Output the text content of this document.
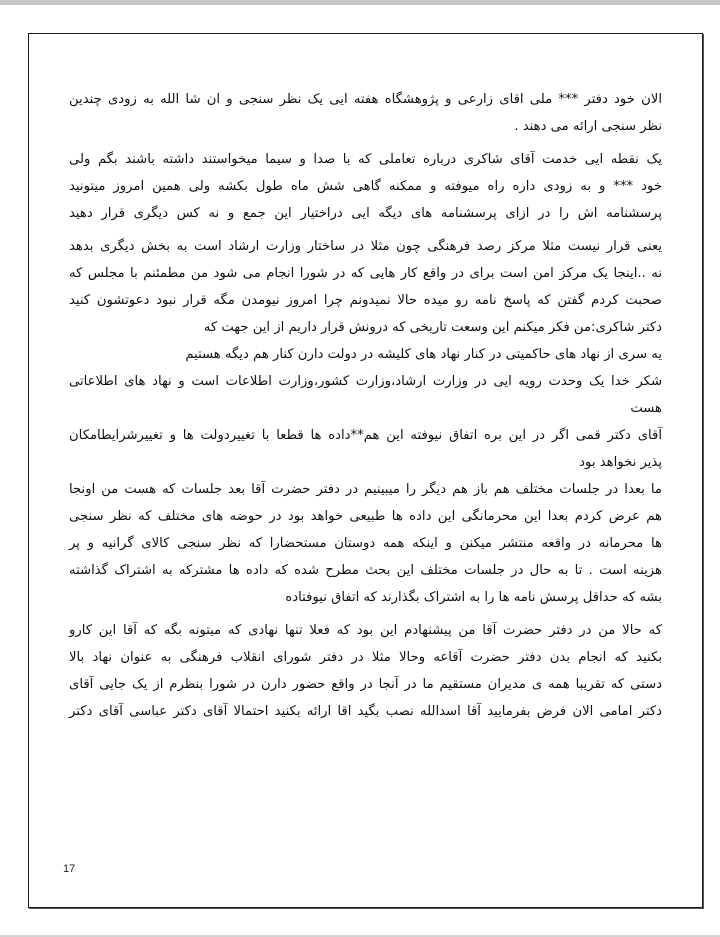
الان خود دفتر *** ملی اقای زارعی و پژوهشگاه هفته ایی یک نظر سنجی و ان شا الله به زودی چندین
نظر سنجی ارائه می دهند .
یک نقطه ایی خدمت آقای شاکری درباره تعاملی که با صدا و سیما میخواستند داشته باشند بگم ولی
خود *** و به زودی داره راه میوفته و ممکنه گاهی شش ماه طول بکشه ولی همین امروز میتونید
پرسشنامه اش را در ازای پرسشنامه های دیگه ایی دراختیار این جمع و نه کس دیگری قرار دهید
یعنی قرار نیست مثلا مرکز رصد فرهنگی چون مثلا در ساختار وزارت ارشاد است به بخش دیگری بدهد
نه ..اینجا یک مرکز امن است برای در واقع کار هایی که در شورا انجام می شود من مطمئنم با مجلس که
صحبت کردم گفتن که پاسخ نامه رو میده حالا نمیدونم چرا امروز نیومدن مگه قرار نبود دعوتشون کنید
دکتر شاکری:من فکر میکنم این وسعت تاریخی که درونش قرار داریم از این جهت که
یه سری از نهاد های حاکمیتی در کنار نهاد های کلیشه در دولت دارن کنار هم دیگه هستیم
شکر خدا یک وحدت رویه ایی در وزارت ارشاد،وزارت کشور،وزارت اطلاعات است و نهاد های اطلاعاتی
هست
آقای دکتر قمی اگر در این بره اتفاق نیوفته این هم**داده ها قطعا با تغییردولت ها و تغییرشرایطامکان
پذیر نخواهد بود
ما بعدا در جلسات مختلف هم باز هم دیگر را میبینیم در دفتر حضرت آقا بعد جلسات که هست من اونجا
هم عرض کردم بعدا این محرمانگی این داده ها طبیعی خواهد بود در حوضه های مختلف که نظر سنجی
ها محرمانه در واقعه منتشر میکنن و اینکه همه دوستان مستحضارا که نظر سنجی کالای گرانیه و پر
هزینه است . تا به حال در جلسات مختلف این بحث مطرح شده که داده ها مشترکه به اشتراک گذاشته
بشه که حداقل پرسش نامه ها را به اشتراک بگذارند که اتفاق نیوفتاده
که حالا من در دفتر حضرت آقا من پیشنهادم این بود که فعلا تنها نهادی که میتونه بگه که آقا این کارو
بکنید که انجام بدن دفتر حضرت آقاعه وحالا مثلا در دفتر شورای انقلاب فرهنگی به عنوان نهاد بالا
دستی که تقریبا همه ی مدیران مستقیم ما در آنجا در واقع حضور دارن در شورا بنظرم از یک جایی آقای
دکتر امامی الان فرض بفرمایید آقا اسدالله نصب بگید اقا ارائه بکنید احتمالا آقای دکتر عباسی آقای دکتر
17
